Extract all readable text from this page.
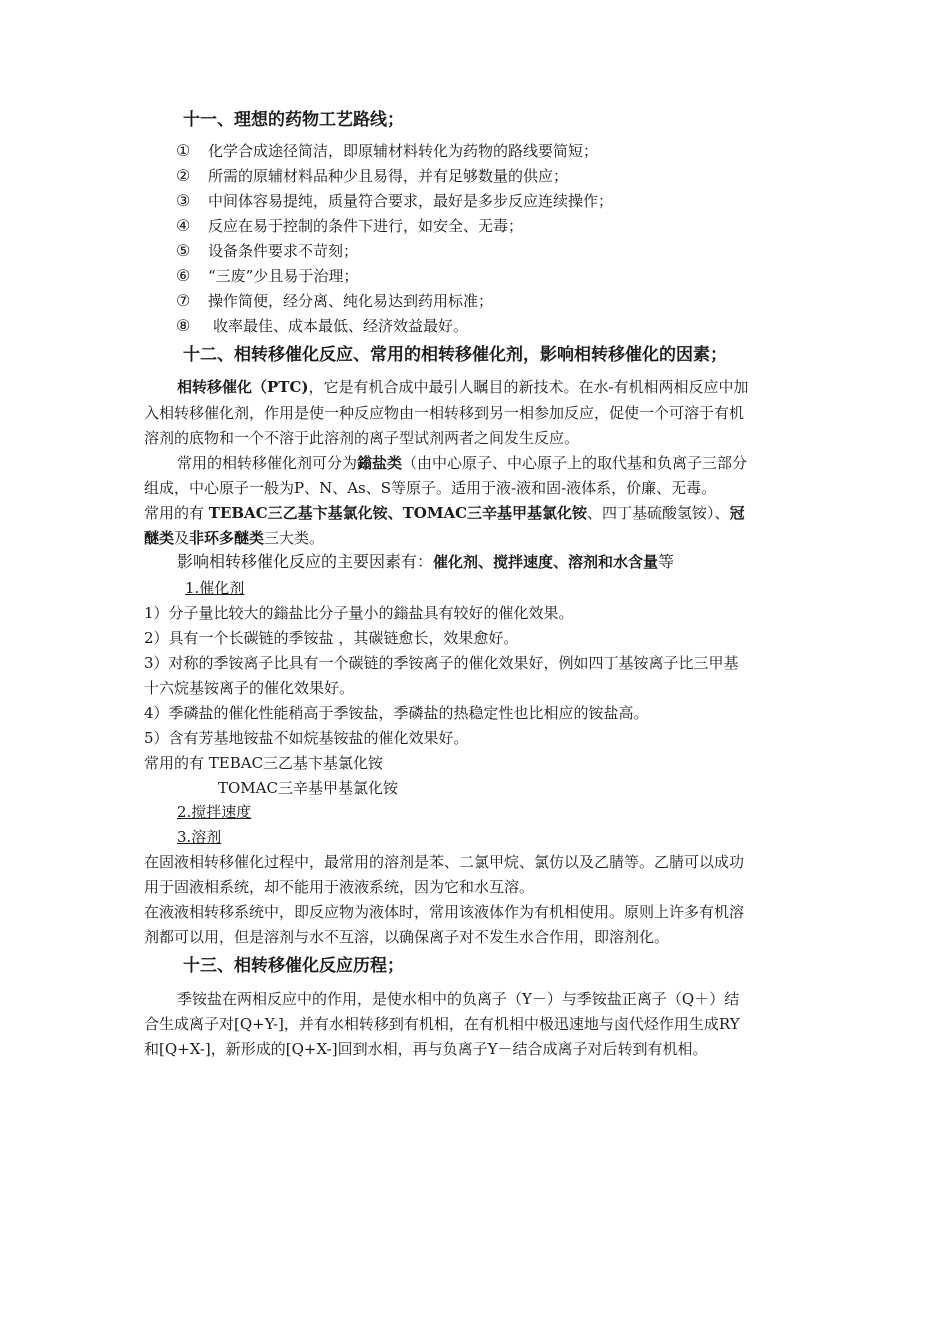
十一、理想的药物工艺路线；
① 化学合成途径简洁，即原辅材料转化为药物的路线要简短；
② 所需的原辅材料品种少且易得，并有足够数量的供应；
③ 中间体容易提纯，质量符合要求，最好是多步反应连续操作；
④ 反应在易于控制的条件下进行，如安全、无毒；
⑤ 设备条件要求不苛刻；
⑥ “三废”少且易于治理；
⑦ 操作简便，经分离、纯化易达到药用标准；
⑧ 收率最佳、成本最低、经济效益最好。
十二、相转移催化反应、常用的相转移催化剂，影响相转移催化的因素；
相转移催化（PTC)，它是有机合成中最引人瞩目的新技术。在水-有机相两相反应中加
入相转移催化剂，作用是使一种反应物由一相转移到另一相参加反应，促使一个可溶于有机
溶剂的底物和一个不溶于此溶剂的离子型试剂两者之间发生反应。
常用的相转移催化剂可分为鎓盐类（由中心原子、中心原子上的取代基和负离子三部分
组成，中心原子一般为P、N、As、S等原子。适用于液-液和固-液体系，价廉、无毒。
常用的有 TEBAC三乙基卞基氯化铵、TOMAC三辛基甲基氯化铵、四丁基硫酸氢铵）、冠
醚类及非环多醚类三大类。
影响相转移催化反应的主要因素有：催化剂、搅拌速度、溶剂和水含量等
1.催化剂
1）分子量比较大的鎓盐比分子量小的鎓盐具有较好的催化效果。
2）具有一个长碳链的季铵盐 ，其碳链愈长，效果愈好。
3）对称的季铵离子比具有一个碳链的季铵离子的催化效果好，例如四丁基铵离子比三甲基
十六烷基铵离子的催化效果好。
4）季磷盐的催化性能稍高于季铵盐，季磷盐的热稳定性也比相应的铵盐高。
5）含有芳基地铵盐不如烷基铵盐的催化效果好。
常用的有 TEBAC三乙基卞基氯化铵
TOMAC三辛基甲基氯化铵
2.搅拌速度
3.溶剂
在固液相转移催化过程中，最常用的溶剂是苯、二氯甲烷、氯仿以及乙腈等。乙腈可以成功
用于固液相系统，却不能用于液液系统，因为它和水互溶。
在液液相转移系统中，即反应物为液体时，常用该液体作为有机相使用。原则上许多有机溶
剂都可以用，但是溶剂与水不互溶，以确保离子对不发生水合作用，即溶剂化。
十三、相转移催化反应历程；
季铵盐在两相反应中的作用，是使水相中的负离子（Y－）与季铵盐正离子（Q＋）结
合生成离子对[Q+Y-]，并有水相转移到有机相，在有机相中极迅速地与卤代烃作用生成RY
和[Q+X-]，新形成的[Q+X-]回到水相，再与负离子Y－结合成离子对后转到有机相。
